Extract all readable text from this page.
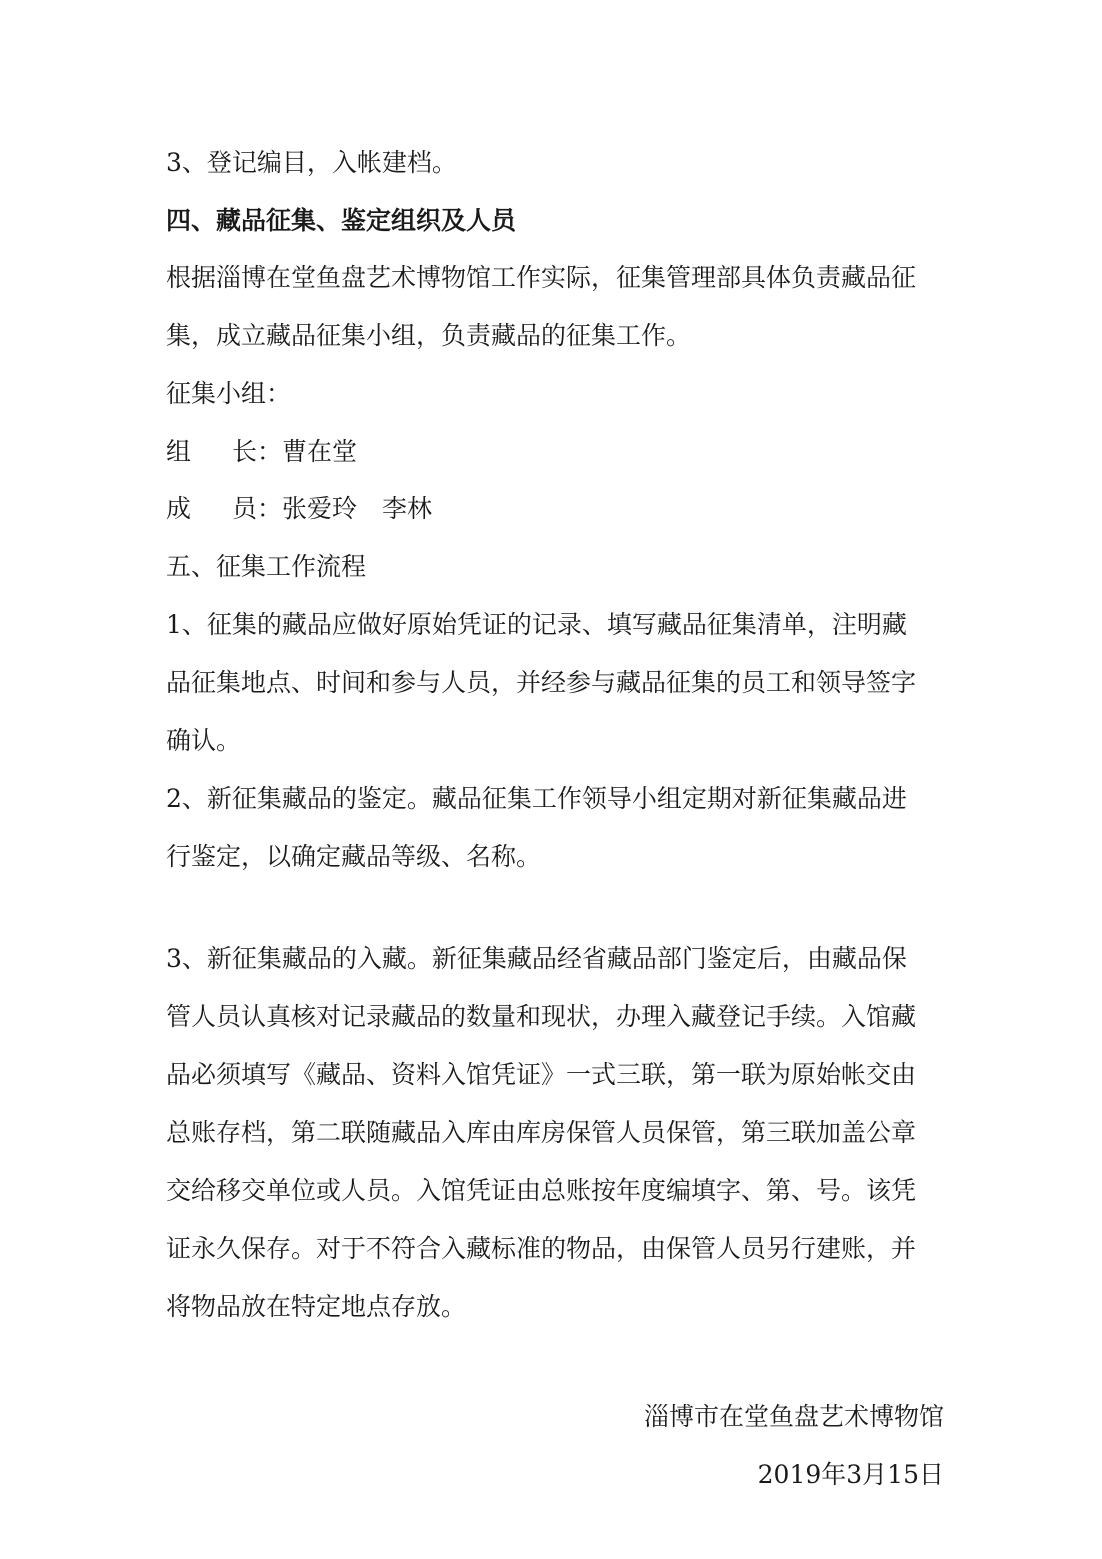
3、登记编目，入帐建档。
四、藏品征集、鉴定组织及人员
根据淄博在堂鱼盘艺术博物馆工作实际，征集管理部具体负责藏品征
集，成立藏品征集小组，负责藏品的征集工作。
征集小组：
组 长：曹在堂
成 员：张爱玲　李林
五、征集工作流程
1、征集的藏品应做好原始凭证的记录、填写藏品征集清单，注明藏
品征集地点、时间和参与人员，并经参与藏品征集的员工和领导签字
确认。
2、新征集藏品的鉴定。藏品征集工作领导小组定期对新征集藏品进
行鉴定，以确定藏品等级、名称。
3、新征集藏品的入藏。新征集藏品经省藏品部门鉴定后，由藏品保
管人员认真核对记录藏品的数量和现状，办理入藏登记手续。入馆藏
品必须填写《藏品、资料入馆凭证》一式三联，第一联为原始帐交由
总账存档，第二联随藏品入库由库房保管人员保管，第三联加盖公章
交给移交单位或人员。入馆凭证由总账按年度编填字、第、号。该凭
证永久保存。对于不符合入藏标准的物品，由保管人员另行建账，并
将物品放在特定地点存放。
淄博市在堂鱼盘艺术博物馆
2019年3月15日
